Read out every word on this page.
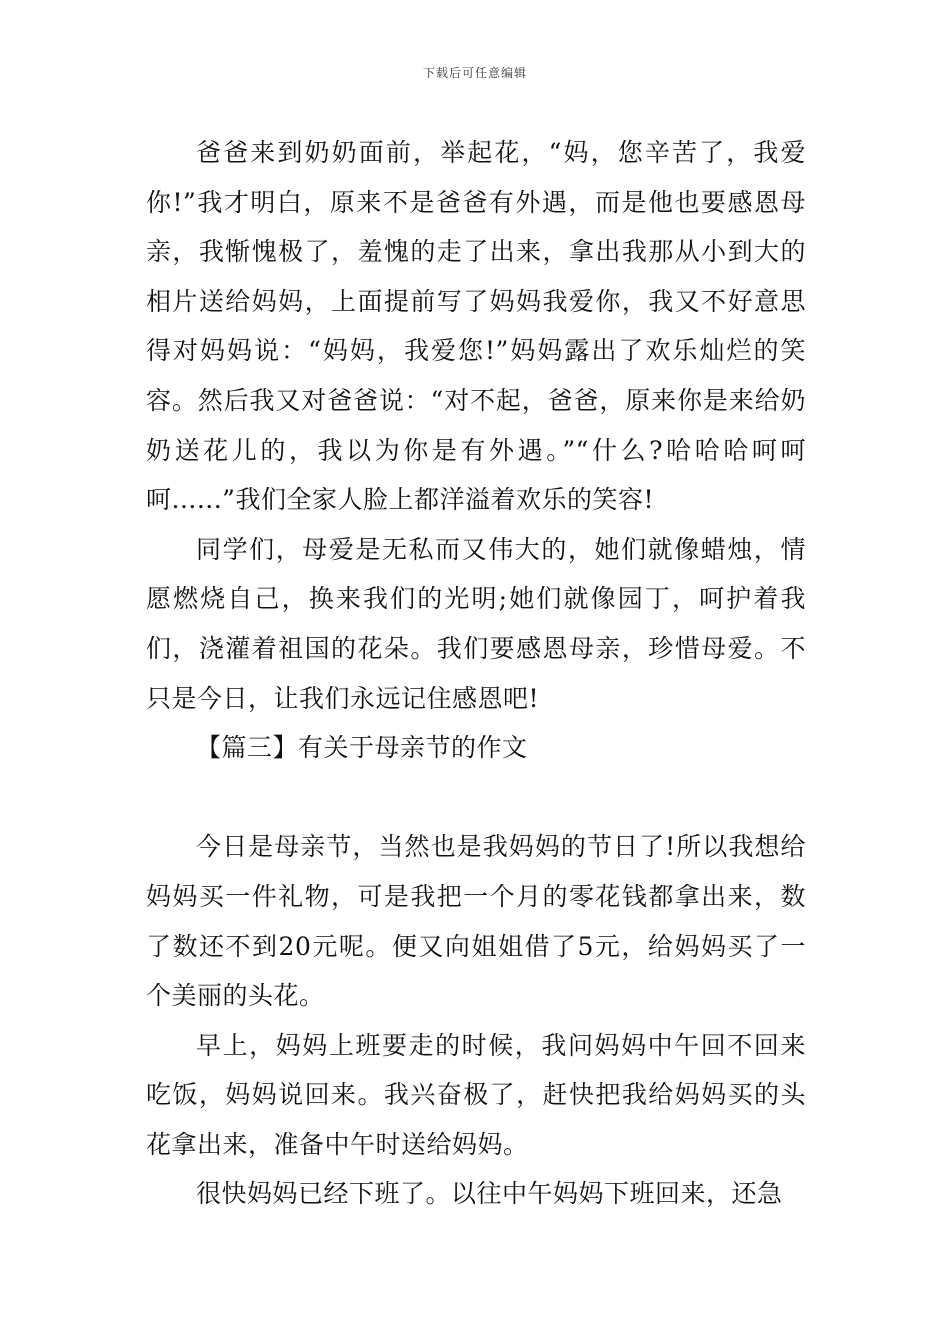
下载后可任意编辑

爸爸来到奶奶面前，举起花，“妈，您辛苦了，我爱你!”我才明白，原来不是爸爸有外遇，而是他也要感恩母亲，我惭愧极了，羞愧的走了出来，拿出我那从小到大的相片送给妈妈，上面提前写了妈妈我爱你，我又不好意思得对妈妈说：“妈妈，我爱您!”妈妈露出了欢乐灿烂的笑容。然后我又对爸爸说：“对不起，爸爸，原来你是来给奶奶送花儿的，我以为你是有外遇。”“什么?哈哈哈呵呵呵......”我们全家人脸上都洋溢着欢乐的笑容!

同学们，母爱是无私而又伟大的，她们就像蜡烛，情愿燃烧自己，换来我们的光明;她们就像园丁，呵护着我们，浇灌着祖国的花朵。我们要感恩母亲，珍惜母爱。不只是今日，让我们永远记住感恩吧!

【篇三】有关于母亲节的作文

今日是母亲节，当然也是我妈妈的节日了!所以我想给妈妈买一件礼物，可是我把一个月的零花钱都拿出来，数了数还不到20元呢。便又向姐姐借了5元，给妈妈买了一个美丽的头花。

早上，妈妈上班要走的时候，我问妈妈中午回不回来吃饭，妈妈说回来。我兴奋极了，赶快把我给妈妈买的头花拿出来，准备中午时送给妈妈。

很快妈妈已经下班了。以往中午妈妈下班回来，还急
